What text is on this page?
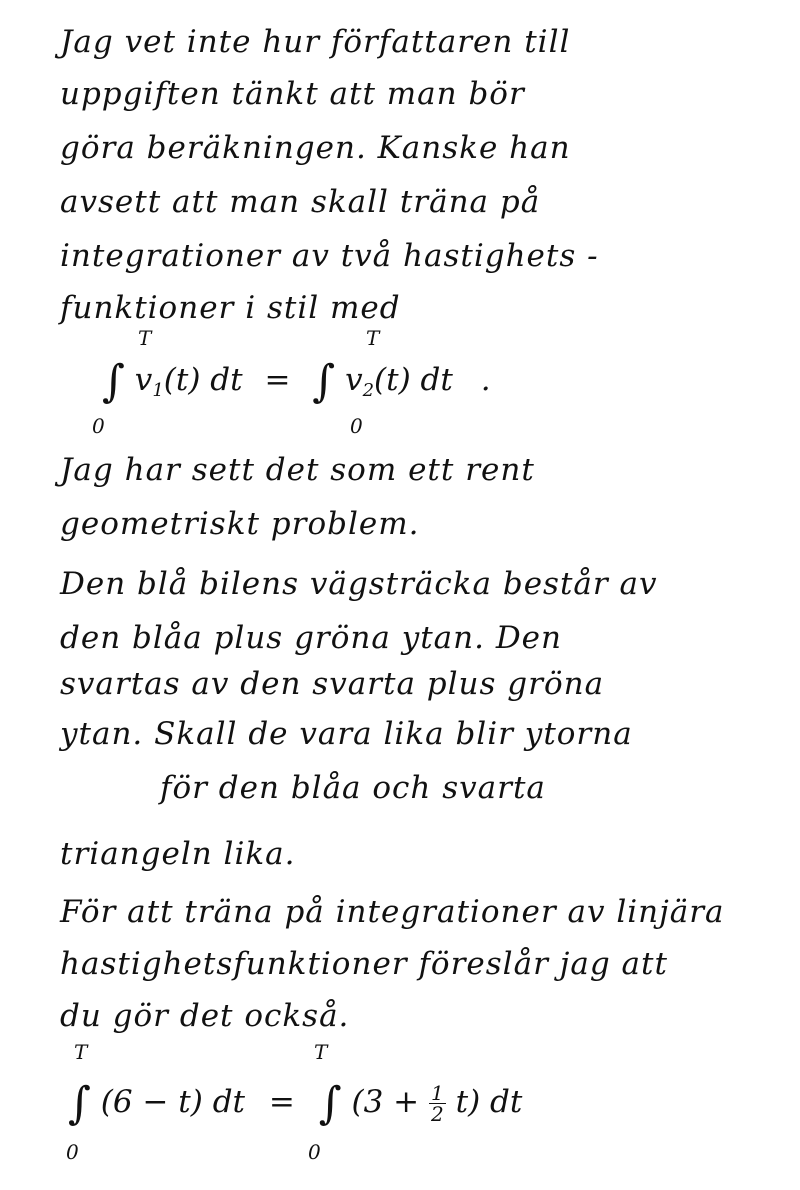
Jag vet inte hur författaren till
uppgiften tänkt att man bör
göra beräkningen. Kanske han
avsett att man skall träna på
integrationer av två hastighets -
funktioner i stil med
T
0
∫ $v_1(t)$ dt = ∫ $v_2(t)$ dt .
T
0
Jag har sett det som ett rent
geometriskt problem.
Den blå bilens vägsträcka består av
den blåa plus gröna ytan. Den
svartas av den svarta plus gröna
ytan. Skall de vara lika blir ytorna
för den blåa och svarta
triangeln lika.
För att träna på integrationer av linjära
hastighetsfunktioner föreslår jag att
du gör det också.
T
0
∫ (6 − t) dt = ∫ $(3 + \frac{1}{2} t)$ dt
T
0
